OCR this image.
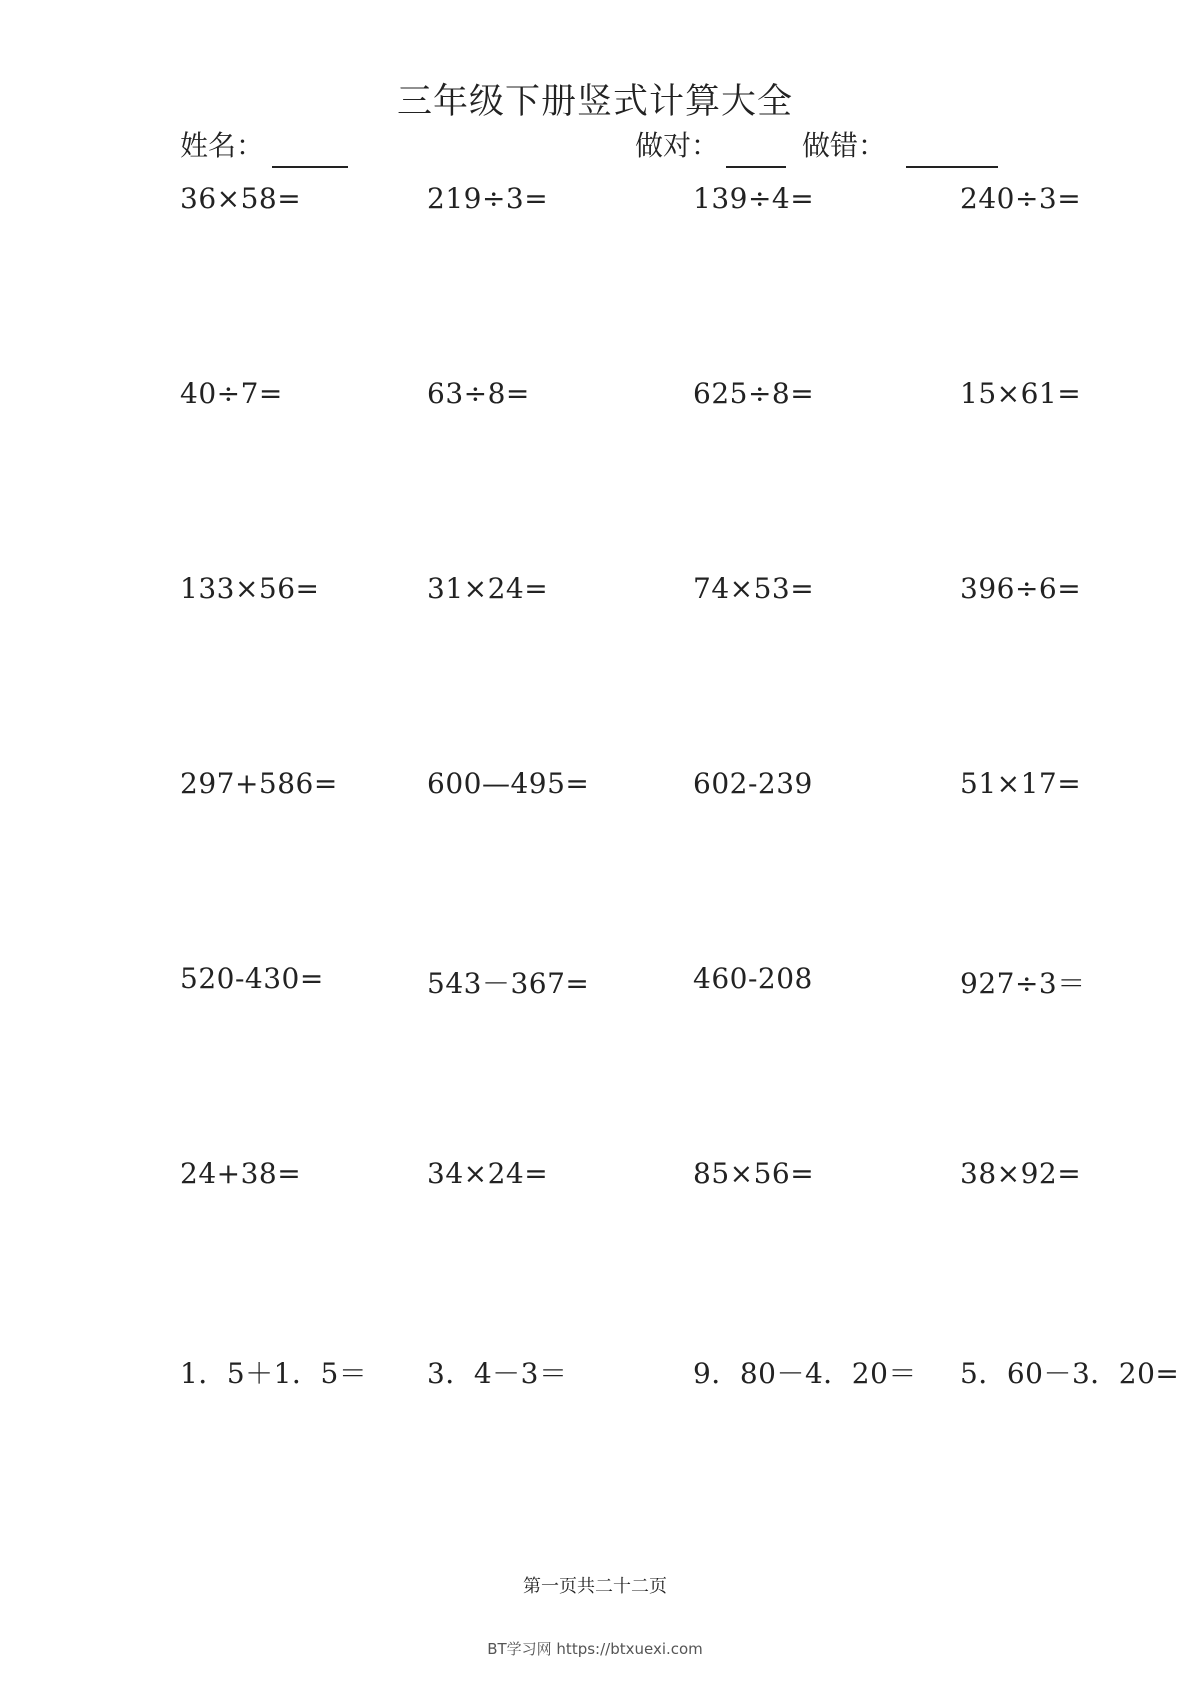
三年级下册竖式计算大全
姓名：	做对：	做错：
36×58=	219÷3=	139÷4=	240÷3=
40÷7=	63÷8=	625÷8=	15×61=
133×56=	31×24=	74×53=	396÷6=
297+586=	600—495=	602-239	51×17=
520-430=	543－367=	460-208	927÷3＝
24+38=	34×24=	85×56=	38×92=
1．5＋1．5＝ 3．4－3＝	9．80－4．20＝ 5．60－3．20=
第一页共二十二页
BT学习网 https://btxuexi.com
